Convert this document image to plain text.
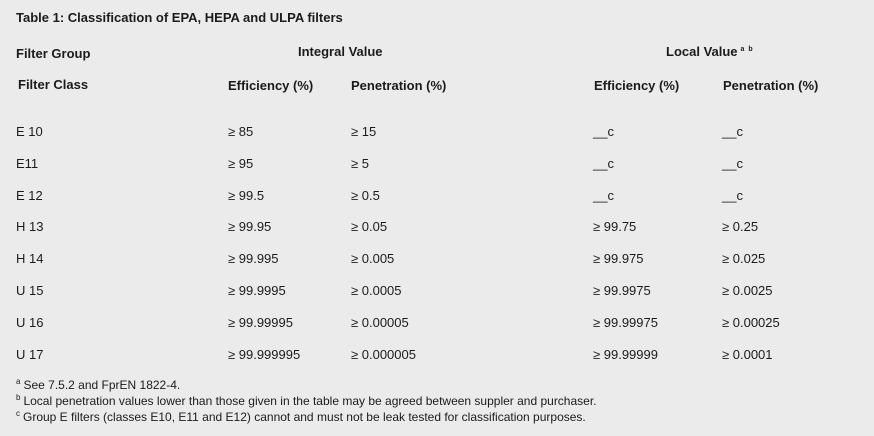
Table 1: Classification of EPA, HEPA and ULPA filters
Filter Group	Integral Value	Local Value $^{a b}$
Filter Class	Efficiency (%)	Penetration (%)	Efficiency (%)	Penetration (%)
E 10	≥ 85	≥ 15	__c	__c
E11	≥ 95	≥ 5	__c	__c
E 12	≥ 99.5	≥ 0.5	__c	__c
H 13	≥ 99.95	≥ 0.05	≥ 99.75	≥ 0.25
H 14	≥ 99.995	≥ 0.005	≥ 99.975	≥ 0.025
U 15	≥ 99.9995	≥ 0.0005	≥ 99.9975	≥ 0.0025
U 16	≥ 99.99995	≥ 0.00005	≥ 99.99975	≥ 0.00025
U 17	≥ 99.999995	≥ 0.000005	≥ 99.99999	≥ 0.0001
$^a$ See 7.5.2 and FprEN 1822-4.
$^b$ Local penetration values lower than those given in the table may be agreed between suppler and purchaser.
$^c$ Group E filters (classes E10, E11 and E12) cannot and must not be leak tested for classification purposes.
